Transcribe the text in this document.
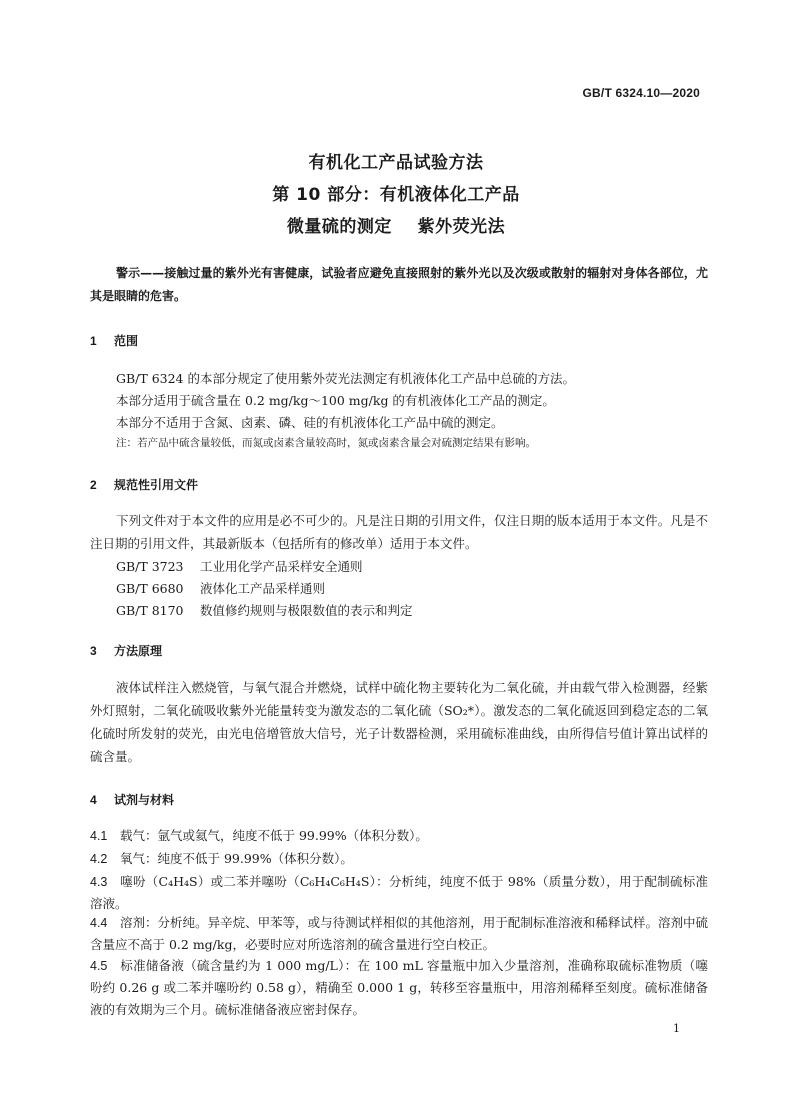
GB/T 6324.10—2020
有机化工产品试验方法
第 10 部分：有机液体化工产品
微量硫的测定    紫外荧光法
警示——接触过量的紫外光有害健康，试验者应避免直接照射的紫外光以及次级或散射的辐射对身体各部位，尤其是眼睛的危害。
1 范围
GB/T 6324 的本部分规定了使用紫外荧光法测定有机液体化工产品中总硫的方法。
本部分适用于硫含量在 0.2 mg/kg～100 mg/kg 的有机液体化工产品的测定。
本部分不适用于含氮、卤素、磷、硅的有机液体化工产品中硫的测定。
注：若产品中硫含量较低，而氮或卤素含量较高时，氮或卤素含量会对硫测定结果有影响。
2 规范性引用文件
下列文件对于本文件的应用是必不可少的。凡是注日期的引用文件，仅注日期的版本适用于本文件。凡是不注日期的引用文件，其最新版本（包括所有的修改单）适用于本文件。
GB/T 3723 工业用化学产品采样安全通则
GB/T 6680 液体化工产品采样通则
GB/T 8170 数值修约规则与极限数值的表示和判定
3 方法原理
液体试样注入燃烧管，与氧气混合并燃烧，试样中硫化物主要转化为二氧化硫，并由载气带入检测器，经紫外灯照射，二氧化硫吸收紫外光能量转变为激发态的二氧化硫（SO₂*）。激发态的二氧化硫返回到稳定态的二氧化硫时所发射的荧光，由光电倍增管放大信号，光子计数器检测，采用硫标准曲线，由所得信号值计算出试样的硫含量。
4 试剂与材料
4.1 载气：氩气或氦气，纯度不低于 99.99%（体积分数）。
4.2 氧气：纯度不低于 99.99%（体积分数）。
4.3 噻吩（C₄H₄S）或二苯并噻吩（C₆H₄C₆H₄S）：分析纯，纯度不低于 98%（质量分数），用于配制硫标准溶液。
4.4 溶剂：分析纯。异辛烷、甲苯等，或与待测试样相似的其他溶剂，用于配制标准溶液和稀释试样。溶剂中硫含量应不高于 0.2 mg/kg，必要时应对所选溶剂的硫含量进行空白校正。
4.5 标准储备液（硫含量约为 1 000 mg/L）：在 100 mL 容量瓶中加入少量溶剂，准确称取硫标准物质（噻吩约 0.26 g 或二苯并噻吩约 0.58 g），精确至 0.000 1 g，转移至容量瓶中，用溶剂稀释至刻度。硫标准储备液的有效期为三个月。硫标准储备液应密封保存。
1
